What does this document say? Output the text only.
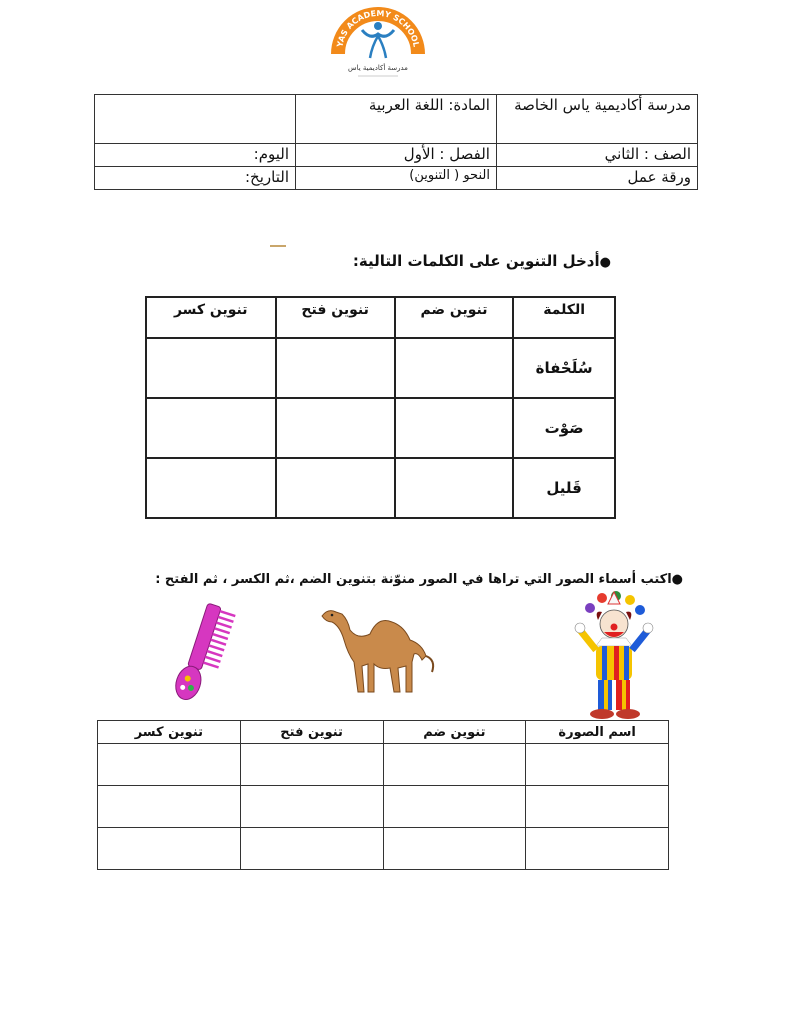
YAS ACADEMY SCHOOL
مدرسة أكاديمية ياس
مدرسة أكاديمية ياس الخاصة	المادة: اللغة العربية	
الصف : الثاني	الفصل : الأول	اليوم:
ورقة عمل	النحو ( التنوين)	التاريخ:
●أدخل التنوين على الكلمات التالية:
الكلمة	تنوين ضم	تنوين فتح	تنوين كسر
سُلَحْفاة			
صَوْت			
قَليل			
●اكتب أسماء الصور التي تراها في الصور منوّنة بتنوين الضم ،ثم الكسر ، ثم الفتح :
اسم الصورة	تنوين ضم	تنوين فتح	تنوين كسر
